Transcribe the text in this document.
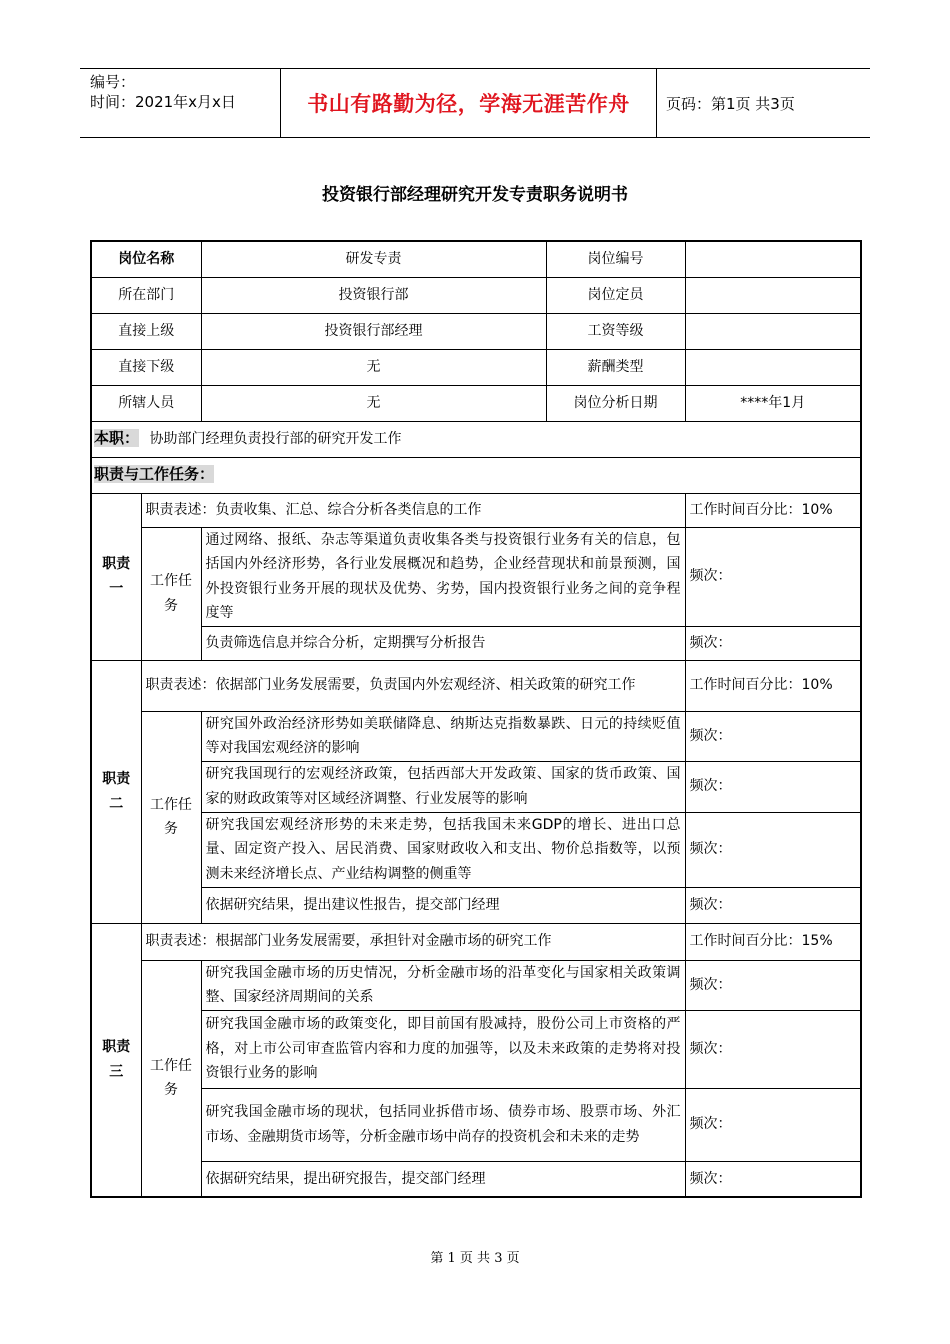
编号：
时间：2021年x月x日	书山有路勤为径，学海无涯苦作舟	页码：第1页 共3页
投资银行部经理研究开发专责职务说明书
岗位名称		研发专责	岗位编号	
所在部门		投资银行部	岗位定员	
直接上级		投资银行部经理	工资等级	
直接下级		无	薪酬类型	
所辖人员		无	岗位分析日期	****年1月
本职： 协助部门经理负责投行部的研究开发工作				
职责与工作任务：				
职责一	职责表述：负责收集、汇总、综合分析各类信息的工作			工作时间百分比：10%
	工作任务	通过网络、报纸、杂志等渠道负责收集各类与投资银行业务有关的信息，包括国内外经济形势，各行业发展概况和趋势，企业经营现状和前景预测，国外投资银行业务开展的现状及优势、劣势，国内投资银行业务之间的竞争程度等		频次：
		负责筛选信息并综合分析，定期撰写分析报告		频次：
职责二	职责表述：依据部门业务发展需要，负责国内外宏观经济、相关政策的研究工作			工作时间百分比：10%
	工作任务	研究国外政治经济形势如美联储降息、纳斯达克指数暴跌、日元的持续贬值等对我国宏观经济的影响		频次：
		研究我国现行的宏观经济政策，包括西部大开发政策、国家的货币政策、国家的财政政策等对区域经济调整、行业发展等的影响		频次：
		研究我国宏观经济形势的未来走势，包括我国未来GDP的增长、进出口总量、固定资产投入、居民消费、国家财政收入和支出、物价总指数等，以预测未来经济增长点、产业结构调整的侧重等		频次：
		依据研究结果，提出建议性报告，提交部门经理		频次：
职责三	职责表述：根据部门业务发展需要，承担针对金融市场的研究工作			工作时间百分比：15%
	工作任务	研究我国金融市场的历史情况，分析金融市场的沿革变化与国家相关政策调整、国家经济周期间的关系		频次：
		研究我国金融市场的政策变化，即目前国有股减持，股份公司上市资格的严格，对上市公司审查监管内容和力度的加强等，以及未来政策的走势将对投资银行业务的影响		频次：
		研究我国金融市场的现状，包括同业拆借市场、债券市场、股票市场、外汇市场、金融期货市场等，分析金融市场中尚存的投资机会和未来的走势		频次：
		依据研究结果，提出研究报告，提交部门经理		频次：
第 1 页 共 3 页
